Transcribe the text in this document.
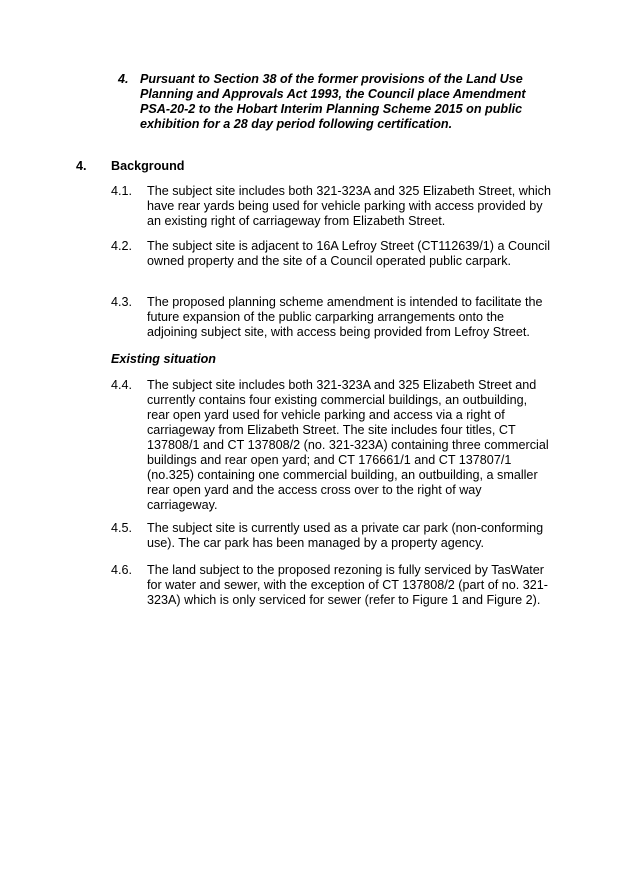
4. Pursuant to Section 38 of the former provisions of the Land Use Planning and Approvals Act 1993, the Council place Amendment PSA-20-2 to the Hobart Interim Planning Scheme 2015 on public exhibition for a 28 day period following certification.
4. Background
4.1. The subject site includes both 321-323A and 325 Elizabeth Street, which have rear yards being used for vehicle parking with access provided by an existing right of carriageway from Elizabeth Street.
4.2. The subject site is adjacent to 16A Lefroy Street (CT112639/1) a Council owned property and the site of a Council operated public carpark.
4.3. The proposed planning scheme amendment is intended to facilitate the future expansion of the public carparking arrangements onto the adjoining subject site, with access being provided from Lefroy Street.
Existing situation
4.4. The subject site includes both 321-323A and 325 Elizabeth Street and currently contains four existing commercial buildings, an outbuilding, rear open yard used for vehicle parking and access via a right of carriageway from Elizabeth Street. The site includes four titles, CT 137808/1 and CT 137808/2 (no. 321-323A) containing three commercial buildings and rear open yard; and CT 176661/1 and CT 137807/1 (no.325) containing one commercial building, an outbuilding, a smaller rear open yard and the access cross over to the right of way carriageway.
4.5. The subject site is currently used as a private car park (non-conforming use). The car park has been managed by a property agency.
4.6. The land subject to the proposed rezoning is fully serviced by TasWater for water and sewer, with the exception of CT 137808/2 (part of no. 321-323A) which is only serviced for sewer (refer to Figure 1 and Figure 2).
